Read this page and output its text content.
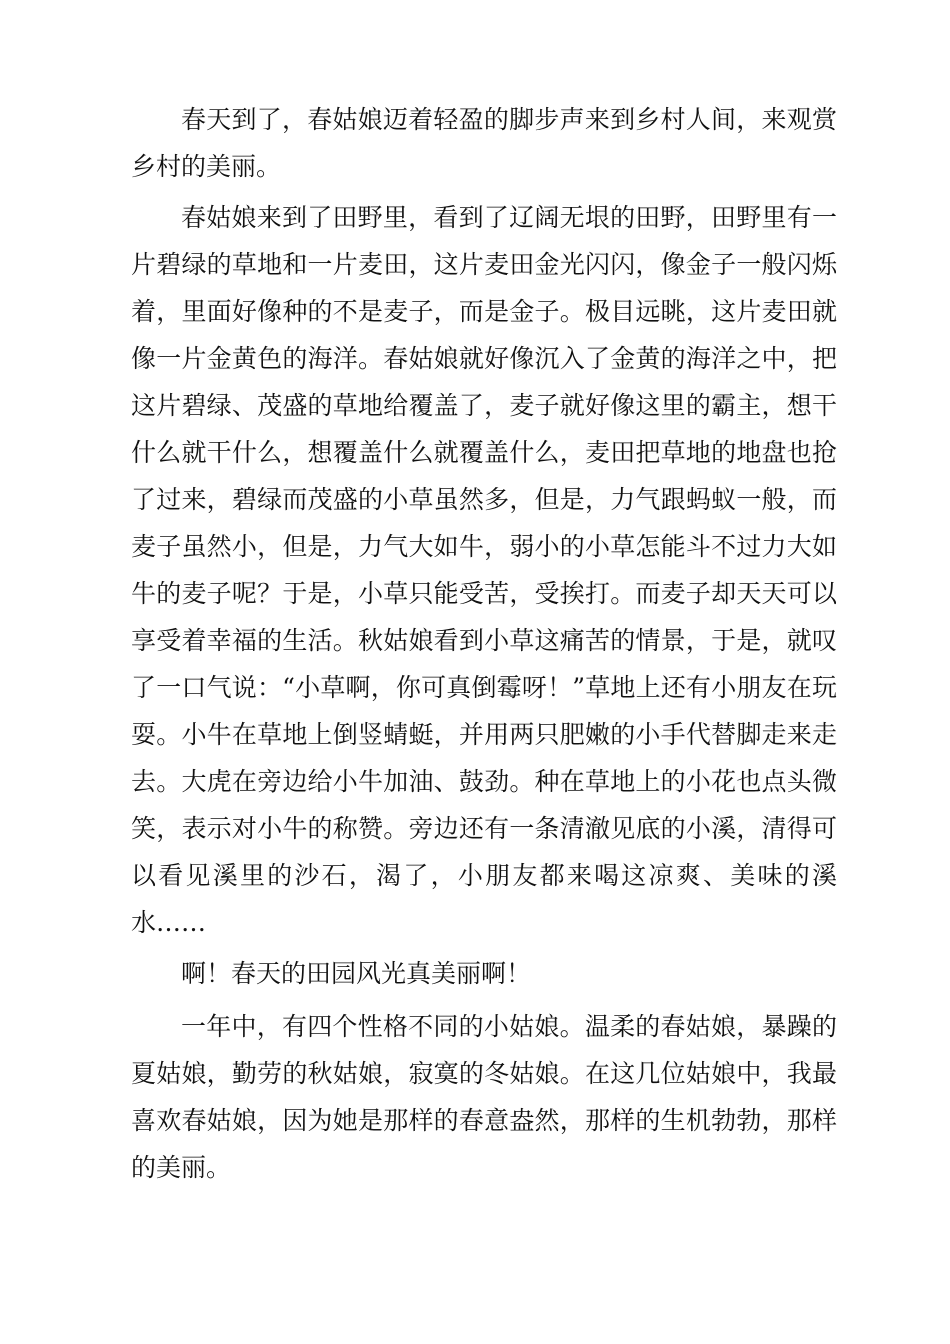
春天到了，春姑娘迈着轻盈的脚步声来到乡村人间，来观赏乡村的美丽。

春姑娘来到了田野里，看到了辽阔无垠的田野，田野里有一片碧绿的草地和一片麦田，这片麦田金光闪闪，像金子一般闪烁着，里面好像种的不是麦子，而是金子。极目远眺，这片麦田就像一片金黄色的海洋。春姑娘就好像沉入了金黄的海洋之中，把这片碧绿、茂盛的草地给覆盖了，麦子就好像这里的霸主，想干什么就干什么，想覆盖什么就覆盖什么，麦田把草地的地盘也抢了过来，碧绿而茂盛的小草虽然多，但是，力气跟蚂蚁一般，而麦子虽然小，但是，力气大如牛，弱小的小草怎能斗不过力大如牛的麦子呢？于是，小草只能受苦，受挨打。而麦子却天天可以享受着幸福的生活。秋姑娘看到小草这痛苦的情景，于是，就叹了一口气说：“小草啊，你可真倒霉呀！”草地上还有小朋友在玩耍。小牛在草地上倒竖蜻蜓，并用两只肥嫩的小手代替脚走来走去。大虎在旁边给小牛加油、鼓劲。种在草地上的小花也点头微笑，表示对小牛的称赞。旁边还有一条清澈见底的小溪，清得可以看见溪里的沙石，渴了，小朋友都来喝这凉爽、美味的溪水……

啊！春天的田园风光真美丽啊！

一年中，有四个性格不同的小姑娘。温柔的春姑娘，暴躁的夏姑娘，勤劳的秋姑娘，寂寞的冬姑娘。在这几位姑娘中，我最喜欢春姑娘，因为她是那样的春意盎然，那样的生机勃勃，那样的美丽。
